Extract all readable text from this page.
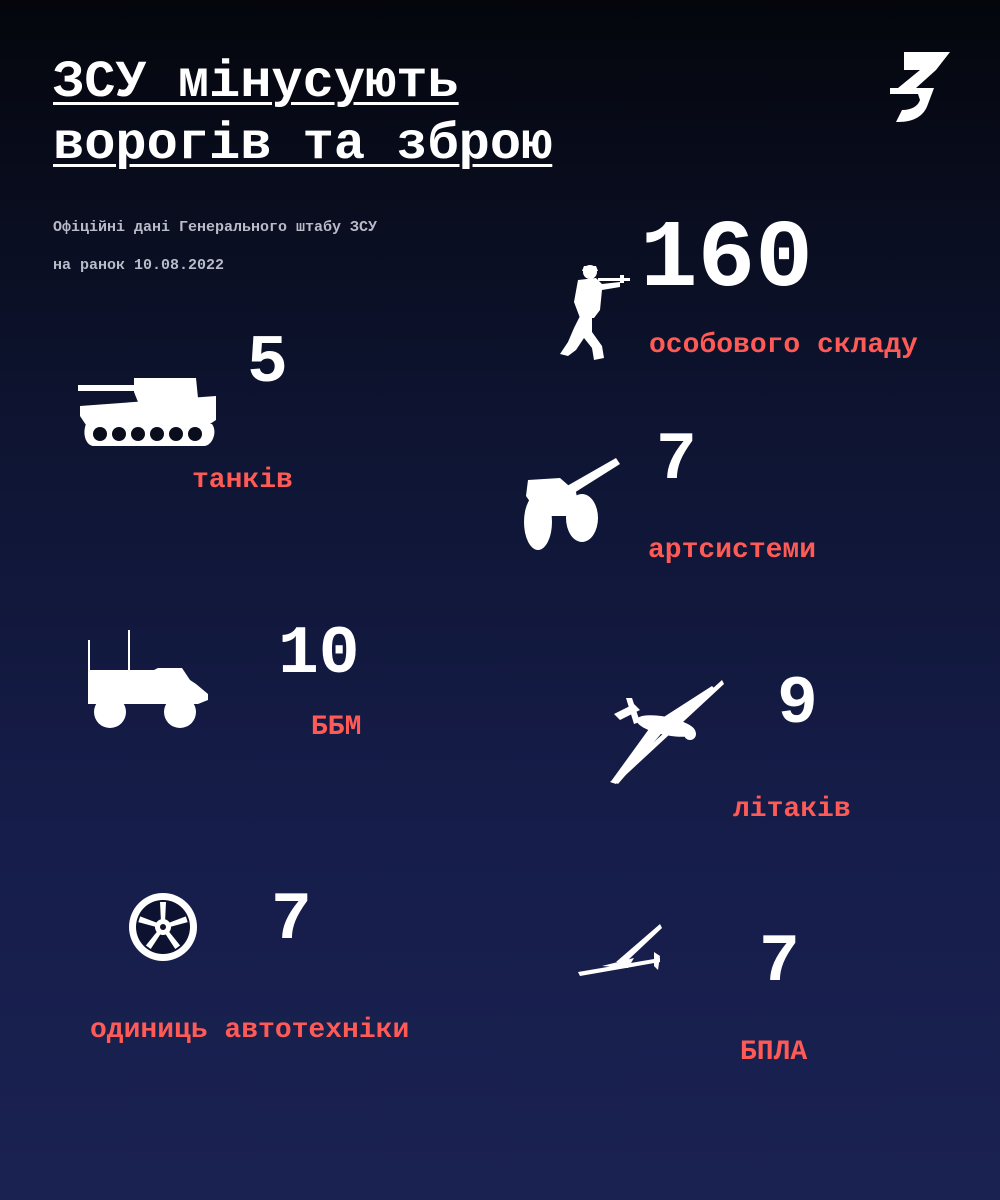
ЗСУ мінусують
ворогів та зброю
Офіційні дані Генерального штабу ЗСУ
на ранок 10.08.2022	160
особового складу
5
танків	7
артсистеми
10
ББМ	9
літаків
7
одиниць автотехніки
7
БПЛА
